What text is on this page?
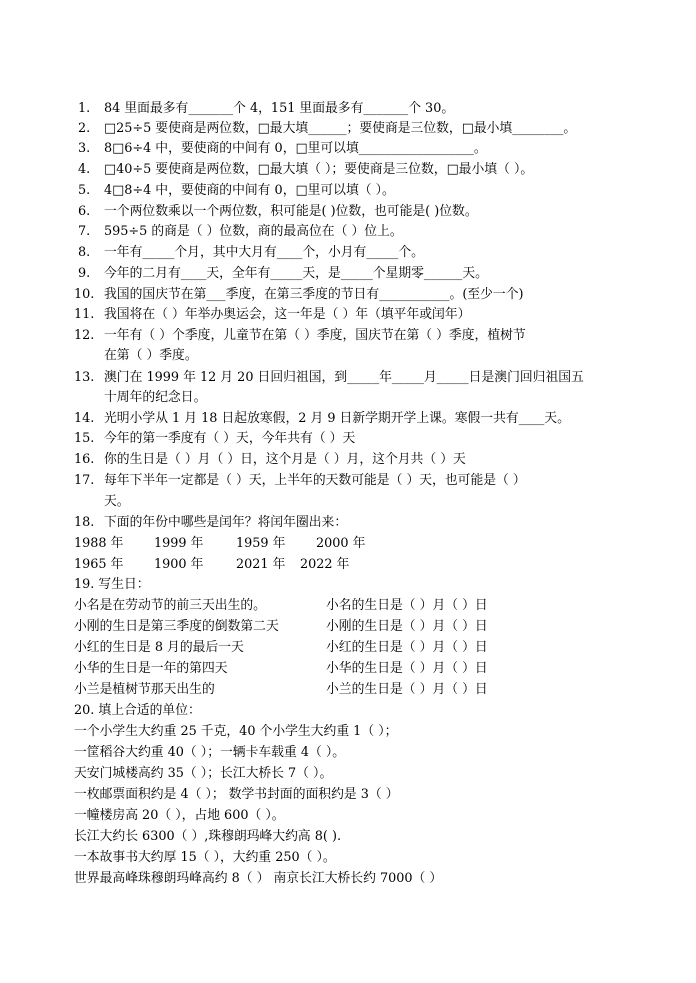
1. 84 里面最多有_______个 4，151 里面最多有_______个 30。
2. □25÷5 要使商是两位数，□最大填______；要使商是三位数，□最小填________。
3. 8□6÷4 中，要使商的中间有 0，□里可以填__________________。
4. □40÷5 要使商是两位数，□最大填（ ）；要使商是三位数，□最小填（ ）。
5. 4□8÷4 中，要使商的中间有 0，□里可以填（ ）。
6. 一个两位数乘以一个两位数，积可能是( )位数，也可能是( )位数。
7. 595÷5 的商是（ ）位数，商的最高位在（ ）位上。
8. 一年有_____个月，其中大月有____个，小月有_____个。
9. 今年的二月有____天，全年有_____天，是_____个星期零______天。
10. 我国的国庆节在第___季度，在第三季度的节日有___________。(至少一个)
11. 我国将在（ ）年举办奥运会，这一年是（ ）年（填平年或闰年）
12. 一年有（ ）个季度，儿童节在第（ ）季度，国庆节在第（ ）季度，植树节
在第（ ）季度。
13. 澳门在 1999 年 12 月 20 日回归祖国，到_____年_____月_____日是澳门回归祖国五
十周年的纪念日。
14. 光明小学从 1 月 18 日起放寒假，2 月 9 日新学期开学上课。寒假一共有____天。
15. 今年的第一季度有（ ）天，今年共有（ ）天
16. 你的生日是（ ）月（ ）日，这个月是（ ）月，这个月共（ ）天
17. 每年下半年一定都是（ ）天，上半年的天数可能是（ ）天，也可能是（ ）
天。
18. 下面的年份中哪些是闰年？将闰年圈出来：
1988 年 1999 年	1959 年 2000 年
1965 年 1900 年	2021 年 2022 年
19. 写生日：
小名是在劳动节的前三天出生的。	小名的生日是（ ）月（ ）日
小刚的生日是第三季度的倒数第二天	小刚的生日是（ ）月（ ）日
小红的生日是 8 月的最后一天	小红的生日是（ ）月（ ）日
小华的生日是一年的第四天	小华的生日是（ ）月（ ）日
小兰是植树节那天出生的	小兰的生日是（ ）月（ ）日
20. 填上合适的单位：
一个小学生大约重 25 千克，40 个小学生大约重 1（ ）；
一筐稻谷大约重 40（ ）；一辆卡车载重 4（ ）。
天安门城楼高约 35（ ）；长江大桥长 7（ ）。
一枚邮票面积约是 4（ ）； 数学书封面的面积约是 3（ ）
一幢楼房高 20（ ），占地 600（ ）。
长江大约长 6300（ ）,珠穆朗玛峰大约高 8( ).
一本故事书大约厚 15（ ），大约重 250（ ）。
世界最高峰珠穆朗玛峰高约 8（ ） 南京长江大桥长约 7000（ ）
